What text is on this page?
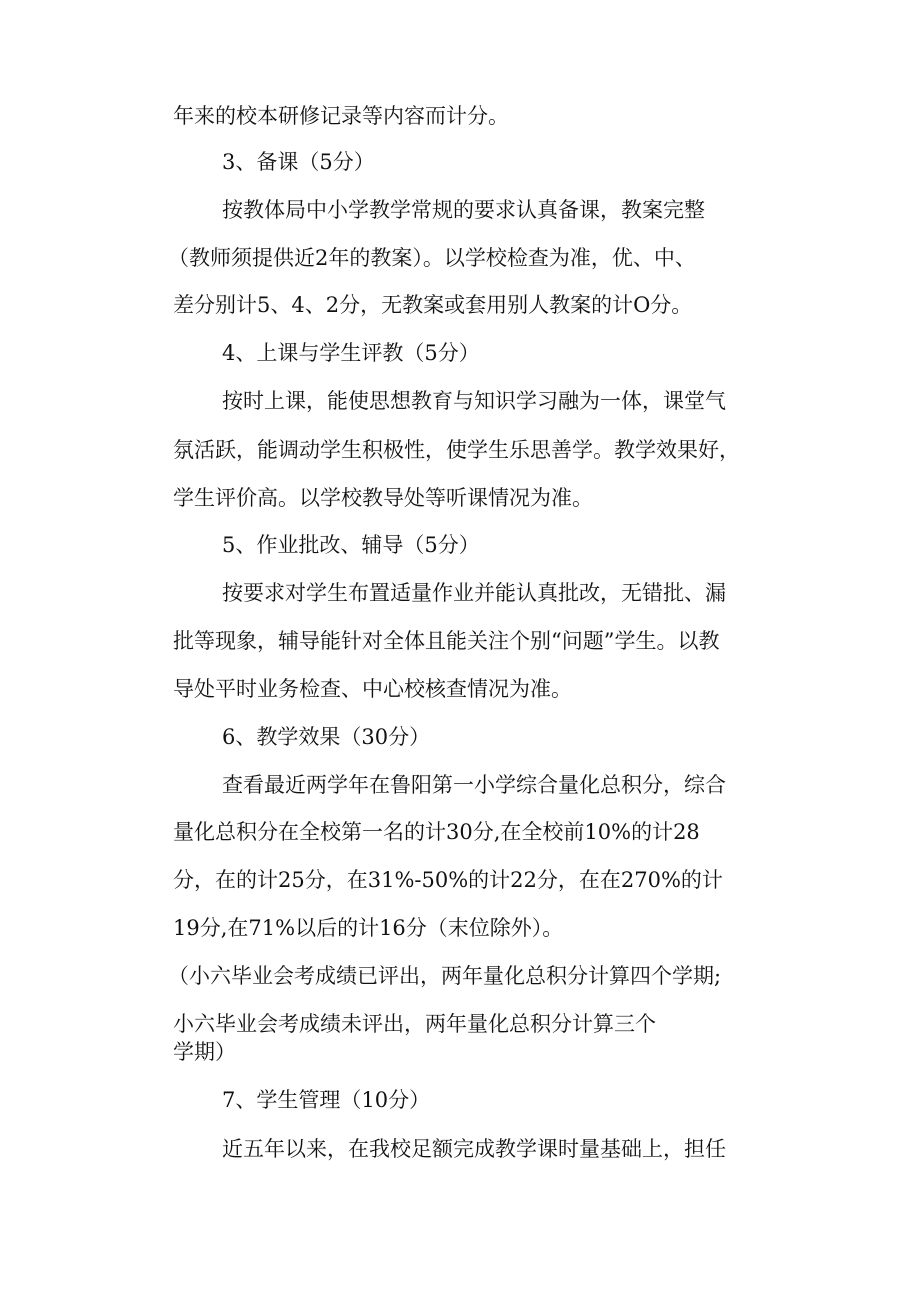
年来的校本研修记录等内容而计分。

3、备课（5分）

按教体局中小学教学常规的要求认真备课，教案完整

（教师须提供近2年的教案）。以学校检查为准，优、中、

差分别计5、4、2分，无教案或套用别人教案的计O分。

4、上课与学生评教（5分）

按时上课，能使思想教育与知识学习融为一体，课堂气

氛活跃，能调动学生积极性，使学生乐思善学。教学效果好，

学生评价高。以学校教导处等听课情况为准。

5、作业批改、辅导（5分）

按要求对学生布置适量作业并能认真批改，无错批、漏

批等现象，辅导能针对全体且能关注个别“问题”学生。以教

导处平时业务检查、中心校核查情况为准。

6、教学效果（30分）

查看最近两学年在鲁阳第一小学综合量化总积分，综合

量化总积分在全校第一名的计30分,在全校前10%的计28

分，在的计25分，在31%-50%的计22分，在在270%的计

19分,在71%以后的计16分（末位除外）。

（小六毕业会考成绩已评出，两年量化总积分计算四个学期;

小六毕业会考成绩未评出，两年量化总积分计算三个

学期）

7、学生管理（10分）

近五年以来，在我校足额完成教学课时量基础上，担任
